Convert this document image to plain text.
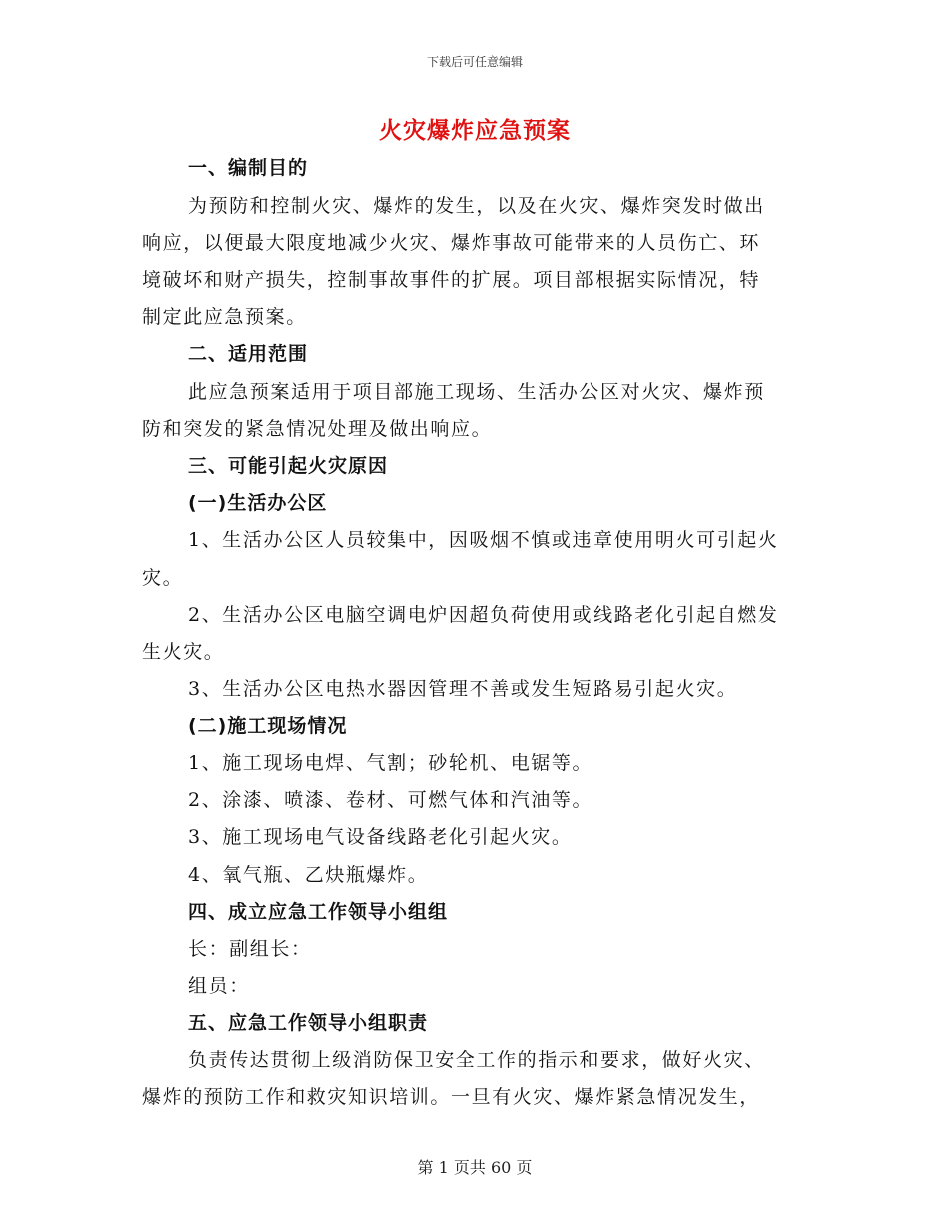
下载后可任意编辑
火灾爆炸应急预案
一、编制目的
为预防和控制火灾、爆炸的发生，以及在火灾、爆炸突发时做出
响应，以便最大限度地减少火灾、爆炸事故可能带来的人员伤亡、环
境破坏和财产损失，控制事故事件的扩展。项目部根据实际情况，特
制定此应急预案。
二、适用范围
此应急预案适用于项目部施工现场、生活办公区对火灾、爆炸预
防和突发的紧急情况处理及做出响应。
三、可能引起火灾原因
(一)生活办公区
1、生活办公区人员较集中，因吸烟不慎或违章使用明火可引起火
灾。
2、生活办公区电脑空调电炉因超负荷使用或线路老化引起自燃发
生火灾。
3、生活办公区电热水器因管理不善或发生短路易引起火灾。
(二)施工现场情况
1、施工现场电焊、气割；砂轮机、电锯等。
2、涂漆、喷漆、卷材、可燃气体和汽油等。
3、施工现场电气设备线路老化引起火灾。
4、氧气瓶、乙炔瓶爆炸。
四、成立应急工作领导小组组
长：副组长：
组员：
五、应急工作领导小组职责
负责传达贯彻上级消防保卫安全工作的指示和要求，做好火灾、
爆炸的预防工作和救灾知识培训。一旦有火灾、爆炸紧急情况发生，
第 1 页共 60 页
